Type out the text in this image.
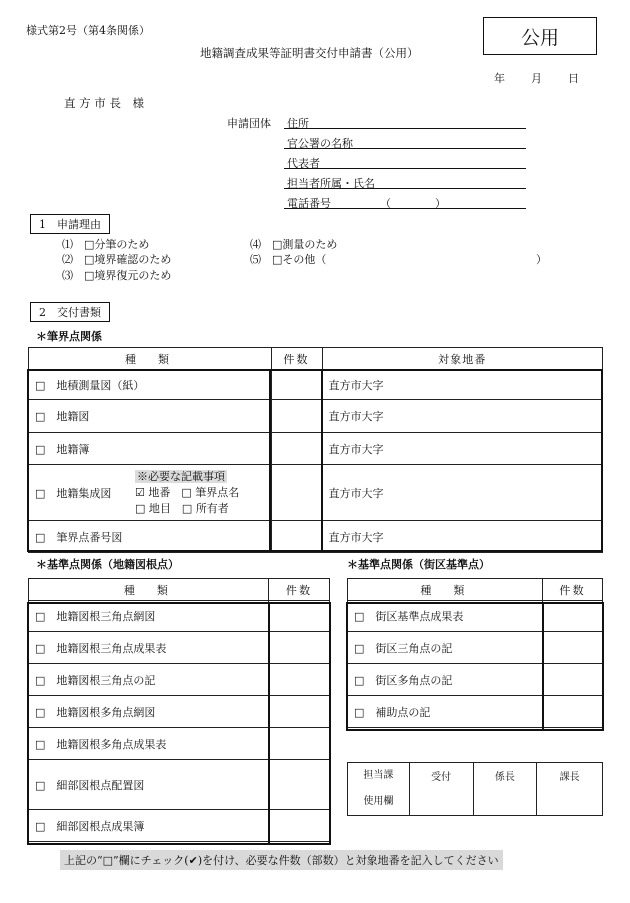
様式第2号（第4条関係）	公用
地籍調査成果等証明書交付申請書（公用）
年 月 日
直 方 市 長　様
申請団体 住所
官公署の名称
代表者
担当者所属・氏名
電話番号	（　　　　）
1　申請理由
⑴　 □分筆のため
⑵　 □境界確認のため
⑶　 □境界復元のため
⑷　 □測量のため
⑸　 □その他（	）
2　交付書類
＊筆界点関係
種　類	件数	対象地番
□　 地積測量図（紙）		直方市大字
□　 地籍図		直方市大字
□　 地籍簿		直方市大字
□　 地籍集成図
※必要な記載事項
☑ 地番　 □ 筆界点名
□ 地目　 □ 所有者		直方市大字
□　 筆界点番号図		直方市大字
＊基準点関係（地籍図根点）	＊基準点関係（街区基準点）
種　類	件数
□　 地籍図根三角点網図	
□　 地籍図根三角点成果表	
□　 地籍図根三角点の記	
□　 地籍図根多角点網図	
□　 地籍図根多角点成果表	
□　 細部図根点配置図	
□　 細部図根点成果簿	
種　類	件数
□　 街区基準点成果表	
□　 街区三角点の記	
□　 街区多角点の記	
□　 補助点の記	
担当課
使用欄
	受付	係長	課長
上記の“□”欄にチェック(✔)を付け、必要な件数（部数）と対象地番を記入してください
